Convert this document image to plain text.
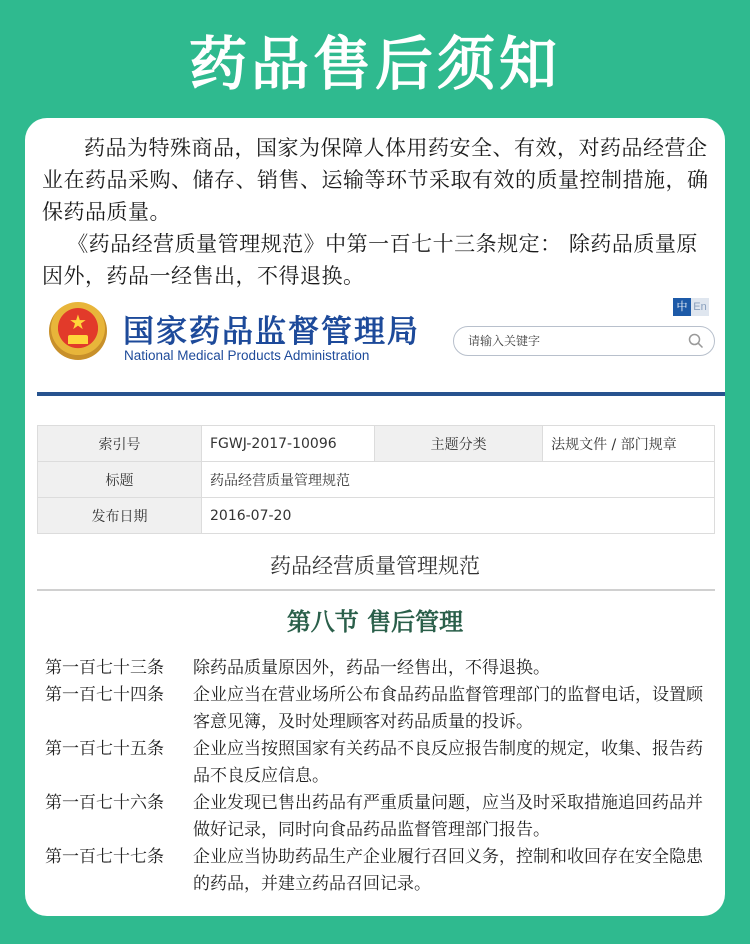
药品售后须知

药品为特殊商品，国家为保障人体用药安全、有效，对药品经营企业在药品采购、储存、销售、运输等环节采取有效的质量控制措施，确保药品质量。

《药品经营质量管理规范》中第一百七十三条规定： 除药品质量原因外，药品一经售出，不得退换。

★	国家药品监督管理局
National Medical Products Administration
中 En
请输入关键字
索引号	FGWJ-2017-10096	主题分类	法规文件 / 部门规章
标题	药品经营质量管理规范		
发布日期	2016-07-20		
药品经营质量管理规范
第八节 售后管理
第一百七十三条	除药品质量原因外，药品一经售出，不得退换。
第一百七十四条	企业应当在营业场所公布食品药品监督管理部门的监督电话，设置顾客意见簿，及时处理顾客对药品质量的投诉。
第一百七十五条	企业应当按照国家有关药品不良反应报告制度的规定，收集、报告药品不良反应信息。
第一百七十六条	企业发现已售出药品有严重质量问题，应当及时采取措施追回药品并做好记录，同时向食品药品监督管理部门报告。
第一百七十七条	企业应当协助药品生产企业履行召回义务，控制和收回存在安全隐患的药品，并建立药品召回记录。
